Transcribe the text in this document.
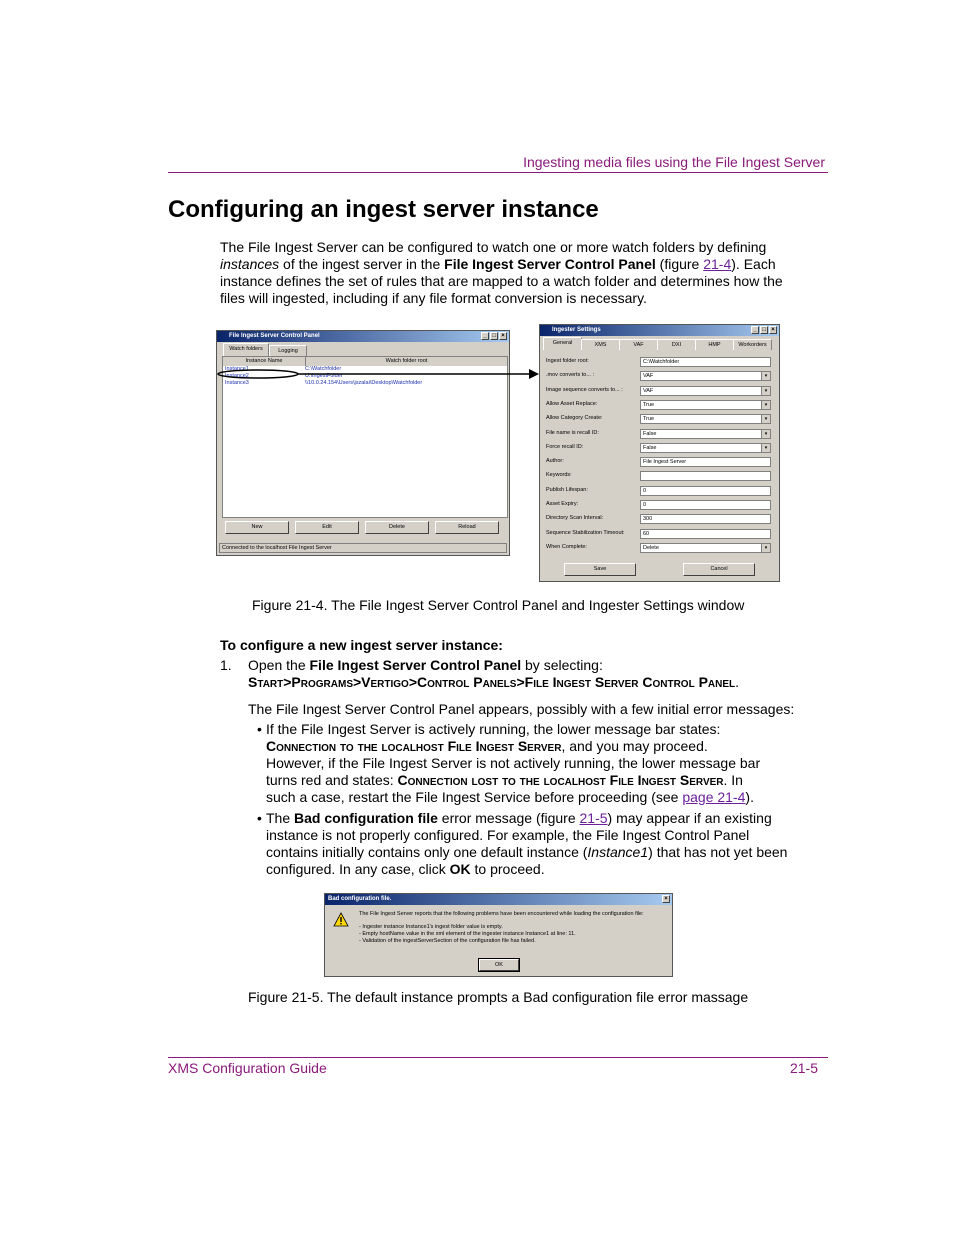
Ingesting media files using the File Ingest Server
Configuring an ingest server instance
The File Ingest Server can be configured to watch one or more watch folders by defining
instances of the ingest server in the File Ingest Server Control Panel (figure 21-4). Each
instance defines the set of rules that are mapped to a watch folder and determines how the
files will ingested, including if any file format conversion is necessary.
File Ingest Server Control Panel	_ □ ×
Watch folders	Logging
Instance Name	Watch folder root
Instance1	C:\Watchfolder
Instance2	U:\IngestFolder
Instance3	\\10.0.24.154\Users\jszalai\Desktop\Watchfolder
New	Edit	Delete	Reload
Connected to the localhost File Ingest Server
Ingester Settings	_ □ ×
General	XMS	VAF	DXI	HMP	Workorders
Ingest folder root:	C:\Watchfolder
.mov converts to... :	VAF	▾
Image sequence converts to... :	VAF	▾
Allow Asset Replace:	True	▾
Allow Category Create:	True	▾
File name is recall ID:	False	▾
Force recall ID:	False	▾
Author:	File Ingest Server
Keywords:
Publish Lifespan:	0
Asset Expiry:	0
Directory Scan Interval:	300
Sequence Stabilization Timeout:	60
When Complete:	Delete	▾
Save	Cancel
Figure 21-4. The File Ingest Server Control Panel and Ingester Settings window
To configure a new ingest server instance:
1. Open the File Ingest Server Control Panel by selecting:
Start>Programs>Vertigo>Control Panels>File Ingest Server Control Panel.
The File Ingest Server Control Panel appears, possibly with a few initial error messages:
• If the File Ingest Server is actively running, the lower message bar states:
Connection to the localhost File Ingest Server, and you may proceed.
However, if the File Ingest Server is not actively running, the lower message bar
turns red and states: Connection lost to the localhost File Ingest Server. In
such a case, restart the File Ingest Service before proceeding (see page 21-4).
• The Bad configuration file error message (figure 21-5) may appear if an existing
instance is not properly configured. For example, the File Ingest Control Panel
contains initially contains only one default instance (Instance1) that has not yet been
configured. In any case, click OK to proceed.
Bad configuration file.	×
The File Ingest Server reports that the following problems have been encountered while loading the configuration file:
- Ingester instance Instance1's ingest folder value is empty.
- Empty hostName value in the xml element of the ingester instance Instance1 at line: 11.
- Validation of the ingestServerSection of the configuration file has failed.
OK
Figure 21-5. The default instance prompts a Bad configuration file error massage
XMS Configuration Guide	21-5
